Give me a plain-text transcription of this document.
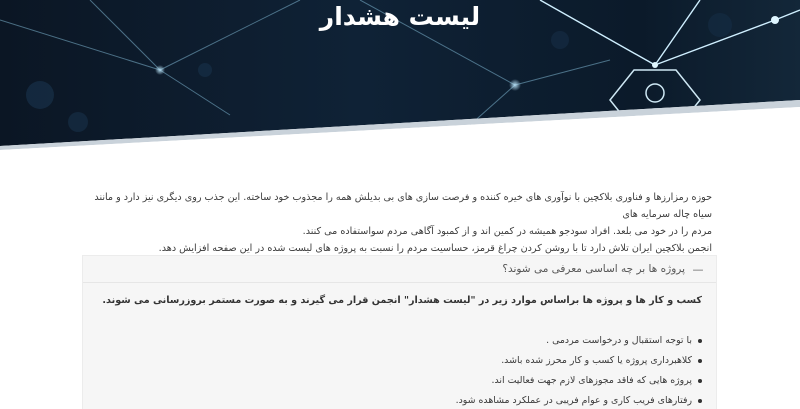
لیست هشدار

حوزه رمزارزها و فناوری بلاکچین با نوآوری های خیره کننده و فرصت سازی های بی بدیلش همه را مجذوب خود ساخته. این جذب روی دیگری نیز دارد و مانند سیاه چاله سرمایه های

مردم را در خود می بلعد. افراد سودجو همیشه در کمین اند و از کمبود آگاهی مردم سواستفاده می کنند.

انجمن بلاکچین ایران تلاش دارد تا با روشن کردن چراغ قرمز، حساسیت مردم را نسبت به پروژه های لیست شده در این صفحه افزایش دهد.

—
پروژه ها بر چه اساسی معرفی می شوند؟

کسب و کار ها و پروژه ها براساس موارد زیر در "لیست هشدار" انجمن قرار می گیرند و به صورت مستمر بروزرسانی می شوند.

با توجه استقبال و درخواست مردمی .
کلاهبرداری پروژه یا کسب و کار محرز شده باشد.
پروژه هایی که فاقد مجوزهای لازم جهت فعالیت اند.
رفتارهای فریب کاری و عوام فریبی در عملکرد مشاهده شود.
